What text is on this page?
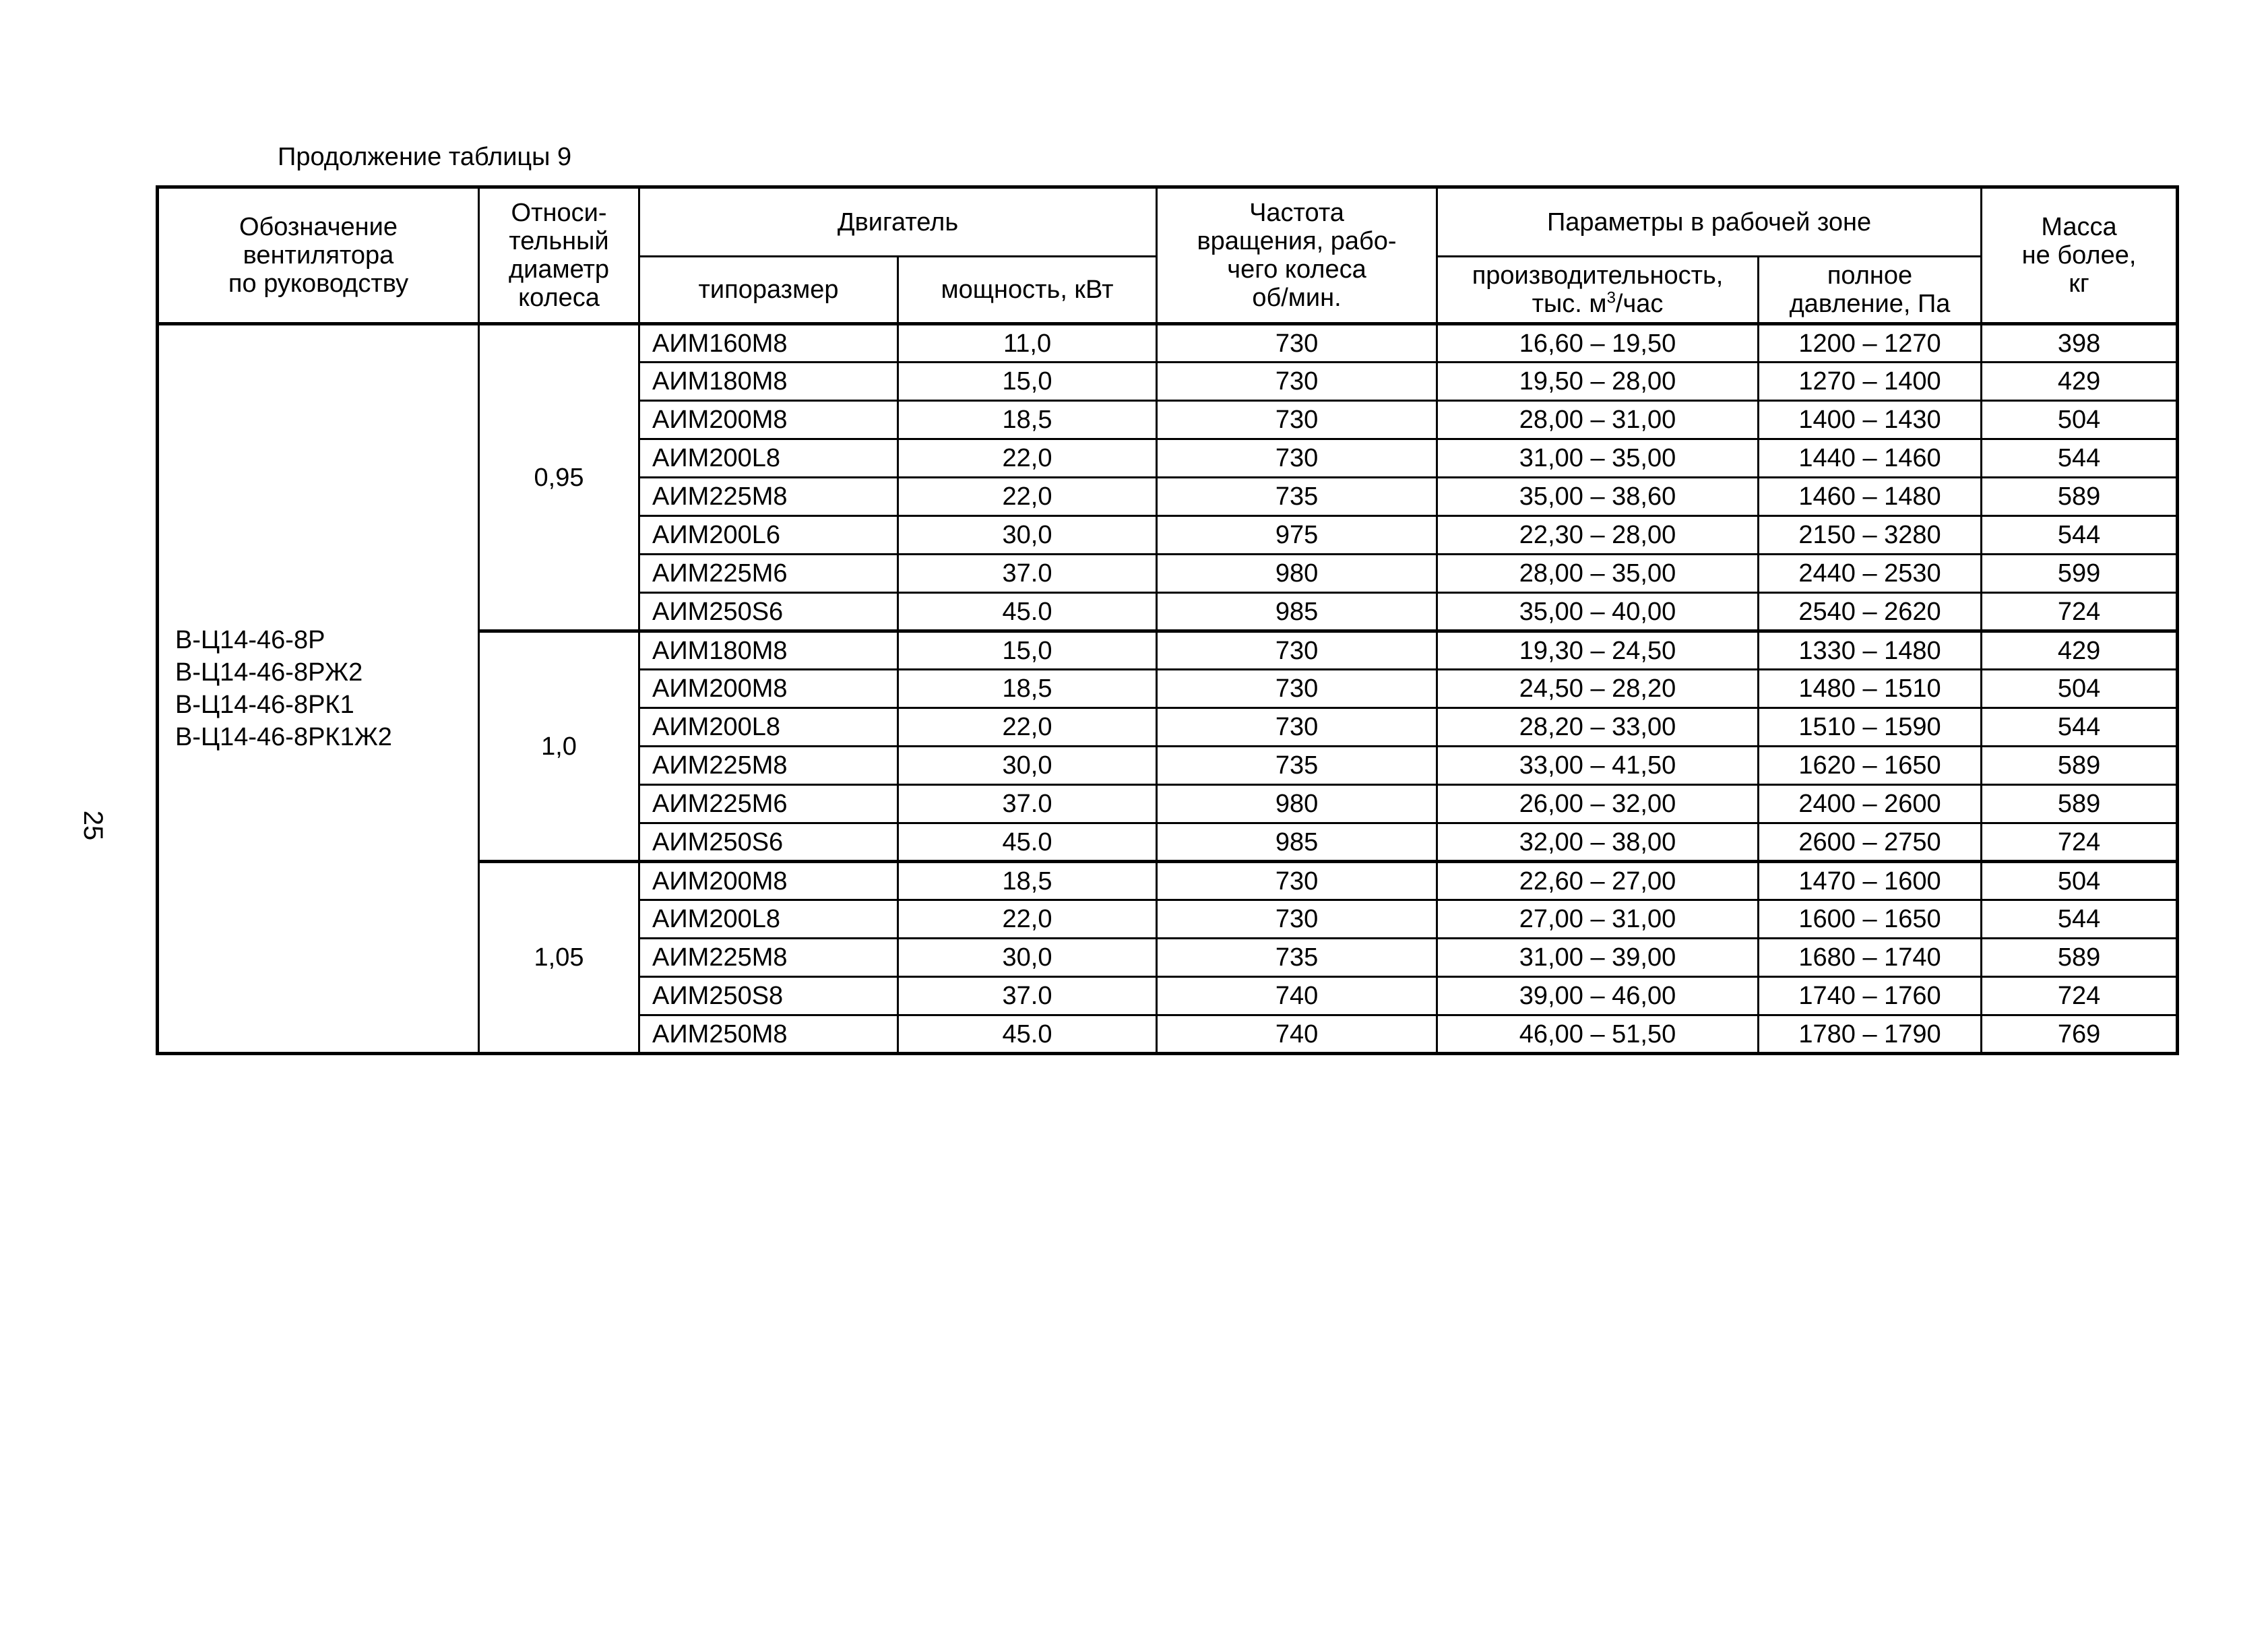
Продолжение таблицы 9
25
Обозначение
вентилятора
по руководству	Относи-
тельный
диаметр
колеса	Двигатель		Частота
вращения, рабо-
чего колеса
об/мин.	Параметры в рабочей зоне		Масса
не более,
кг

		типоразмер	мощность, кВт		производительность,
тыс. $м^3$/час	полное
давление, Па	

В-Ц14-46-8Р
В-Ц14-46-8РЖ2
В-Ц14-46-8РК1
В-Ц14-46-8РК1Ж2	0,95	АИМ160М8	11,0	730	16,60 – 19,50	1200 – 1270	398
		АИМ180М8	15,0	730	19,50 – 28,00	1270 – 1400	429
		АИМ200М8	18,5	730	28,00 – 31,00	1400 – 1430	504
		АИМ200L8	22,0	730	31,00 – 35,00	1440 – 1460	544
		АИМ225М8	22,0	735	35,00 – 38,60	1460 – 1480	589
		АИМ200L6	30,0	975	22,30 – 28,00	2150 – 3280	544
		АИМ225М6	37.0	980	28,00 – 35,00	2440 – 2530	599
		АИМ250S6	45.0	985	35,00 – 40,00	2540 – 2620	724
	1,0	АИМ180М8	15,0	730	19,30 – 24,50	1330 – 1480	429
		АИМ200М8	18,5	730	24,50 – 28,20	1480 – 1510	504
		АИМ200L8	22,0	730	28,20 – 33,00	1510 – 1590	544
		АИМ225М8	30,0	735	33,00 – 41,50	1620 – 1650	589
		АИМ225М6	37.0	980	26,00 – 32,00	2400 – 2600	589
		АИМ250S6	45.0	985	32,00 – 38,00	2600 – 2750	724
	1,05	АИМ200М8	18,5	730	22,60 – 27,00	1470 – 1600	504
		АИМ200L8	22,0	730	27,00 – 31,00	1600 – 1650	544
		АИМ225М8	30,0	735	31,00 – 39,00	1680 – 1740	589
		АИМ250S8	37.0	740	39,00 – 46,00	1740 – 1760	724
		АИМ250М8	45.0	740	46,00 – 51,50	1780 – 1790	769
